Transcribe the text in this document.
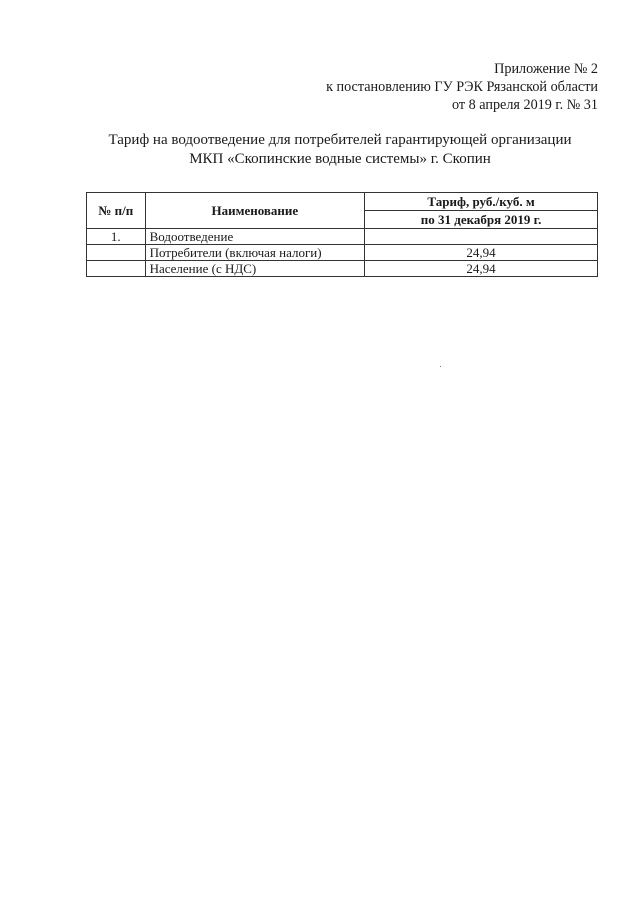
Приложение № 2
к постановлению ГУ РЭК Рязанской области
от 8 апреля 2019 г. № 31
Тариф на водоотведение для потребителей гарантирующей организации
МКП «Скопинские водные системы» г. Скопин
№ п/п	Наименование	Тариф, руб./куб. м
		по 31 декабря 2019 г.
1.	Водоотведение	
	Потребители (включая налоги)	24,94
	Население (с НДС)	24,94
